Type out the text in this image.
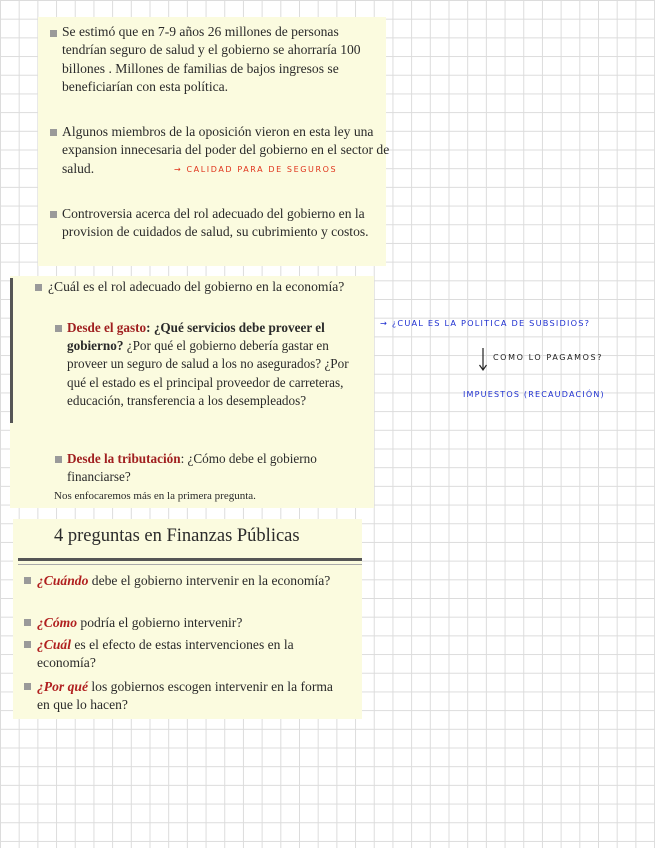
Se estimó que en 7-9 años 26 millones de personas tendrían seguro de salud y el gobierno se ahorraría 100 billones . Millones de familias de bajos ingresos se beneficiarían con esta política.
Algunos miembros de la oposición vieron en esta ley una expansion innecesaria del poder del gobierno en el sector de salud.	→ CALIDAD PARA DE SEGUROS
Controversia acerca del rol adecuado del gobierno en la provision de cuidados de salud, su cubrimiento y costos.
¿Cuál es el rol adecuado del gobierno en la economía?
Desde el gasto: ¿Qué servicios debe proveer el gobierno? ¿Por qué el gobierno debería gastar en proveer un seguro de salud a los no asegurados? ¿Por qué el estado es el principal proveedor de carreteras, educación, transferencia a los desempleados?
Desde la tributación: ¿Cómo debe el gobierno financiarse?
Nos enfocaremos más en la primera pregunta.
4 preguntas en Finanzas Públicas
¿Cuándo debe el gobierno intervenir en la economía?
¿Cómo podría el gobierno intervenir?
¿Cuál es el efecto de estas intervenciones en la economía?
¿Por qué los gobiernos escogen intervenir en la forma en que lo hacen?
→ ¿CUAL ES LA POLITICA DE SUBSIDIOS?
COMO LO PAGAMOS?
IMPUESTOS (RECAUDACIÓN)
